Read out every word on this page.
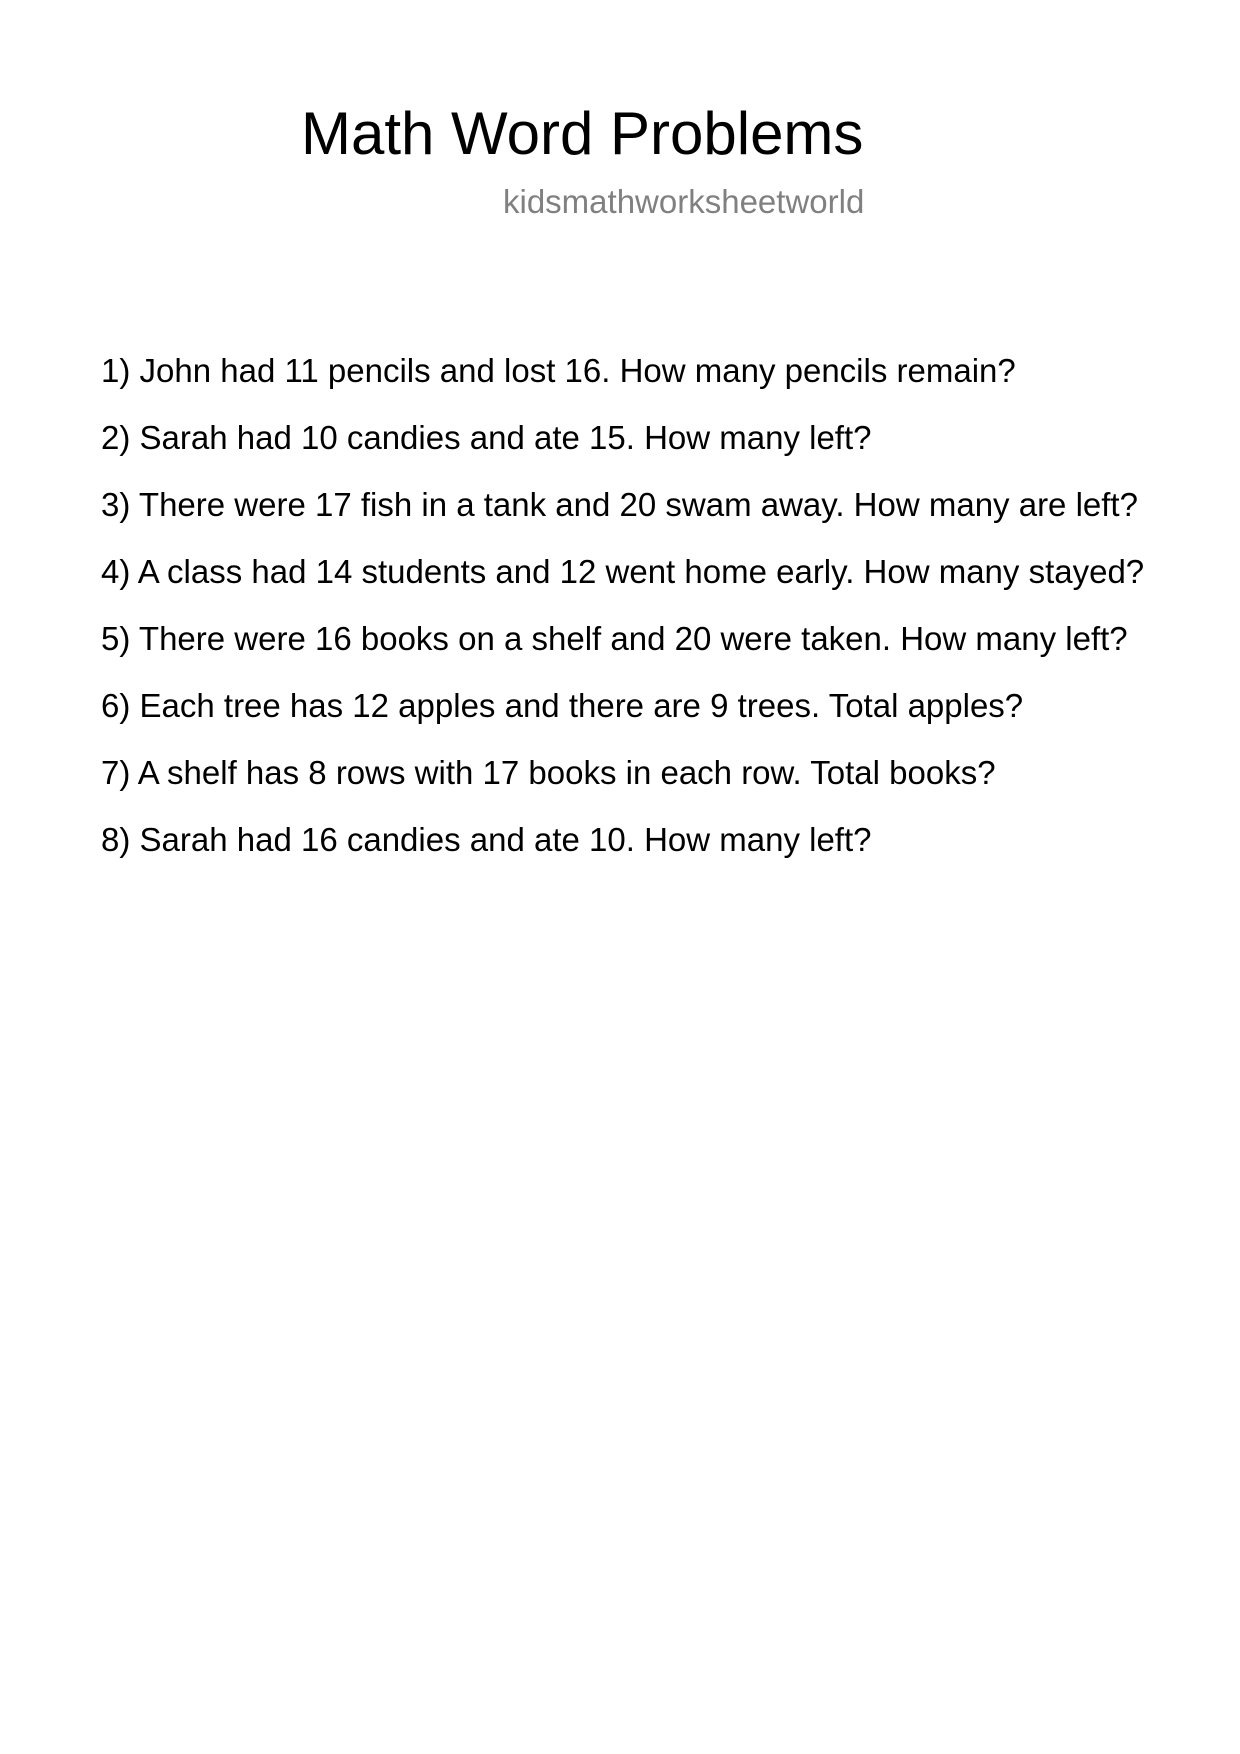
Math Word Problems
kidsmathworksheetworld
1) John had 11 pencils and lost 16. How many pencils remain?
2) Sarah had 10 candies and ate 15. How many left?
3) There were 17 fish in a tank and 20 swam away. How many are left?
4) A class had 14 students and 12 went home early. How many stayed?
5) There were 16 books on a shelf and 20 were taken. How many left?
6) Each tree has 12 apples and there are 9 trees. Total apples?
7) A shelf has 8 rows with 17 books in each row. Total books?
8) Sarah had 16 candies and ate 10. How many left?
